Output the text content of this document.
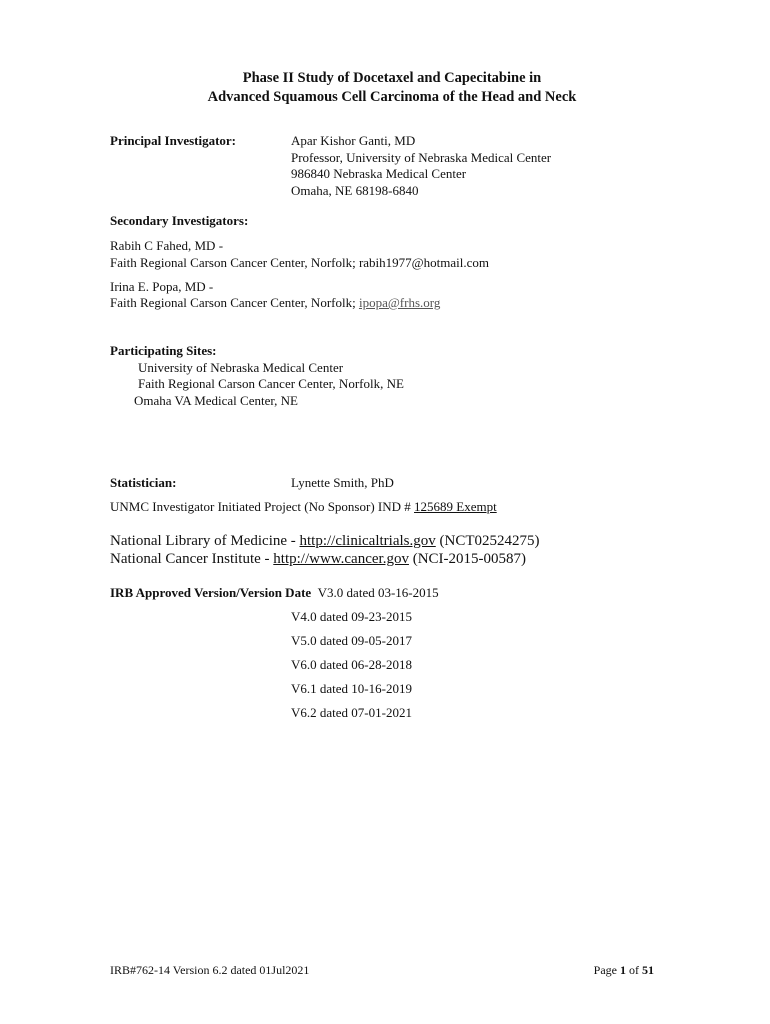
Phase II Study of Docetaxel and Capecitabine in
Advanced Squamous Cell Carcinoma of the Head and Neck
Principal Investigator:	Apar Kishor Ganti, MD
Professor, University of Nebraska Medical Center
986840 Nebraska Medical Center
Omaha, NE 68198-6840
Secondary Investigators:
Rabih C Fahed, MD -
Faith Regional Carson Cancer Center, Norfolk; rabih1977@hotmail.com
Irina E. Popa, MD -
Faith Regional Carson Cancer Center, Norfolk; ipopa@frhs.org
Participating Sites:
University of Nebraska Medical Center
Faith Regional Carson Cancer Center, Norfolk, NE
Omaha VA Medical Center, NE
Statistician:	Lynette Smith, PhD
UNMC Investigator Initiated Project (No Sponsor) IND # 125689 Exempt
National Library of Medicine - http://clinicaltrials.gov (NCT02524275)
National Cancer Institute - http://www.cancer.gov (NCI-2015-00587)
IRB Approved Version/Version Date V3.0 dated 03-16-2015
V4.0 dated 09-23-2015
V5.0 dated 09-05-2017
V6.0 dated 06-28-2018
V6.1 dated 10-16-2019
V6.2 dated 07-01-2021
IRB#762-14 Version 6.2 dated 01Jul2021	Page 1 of 51
